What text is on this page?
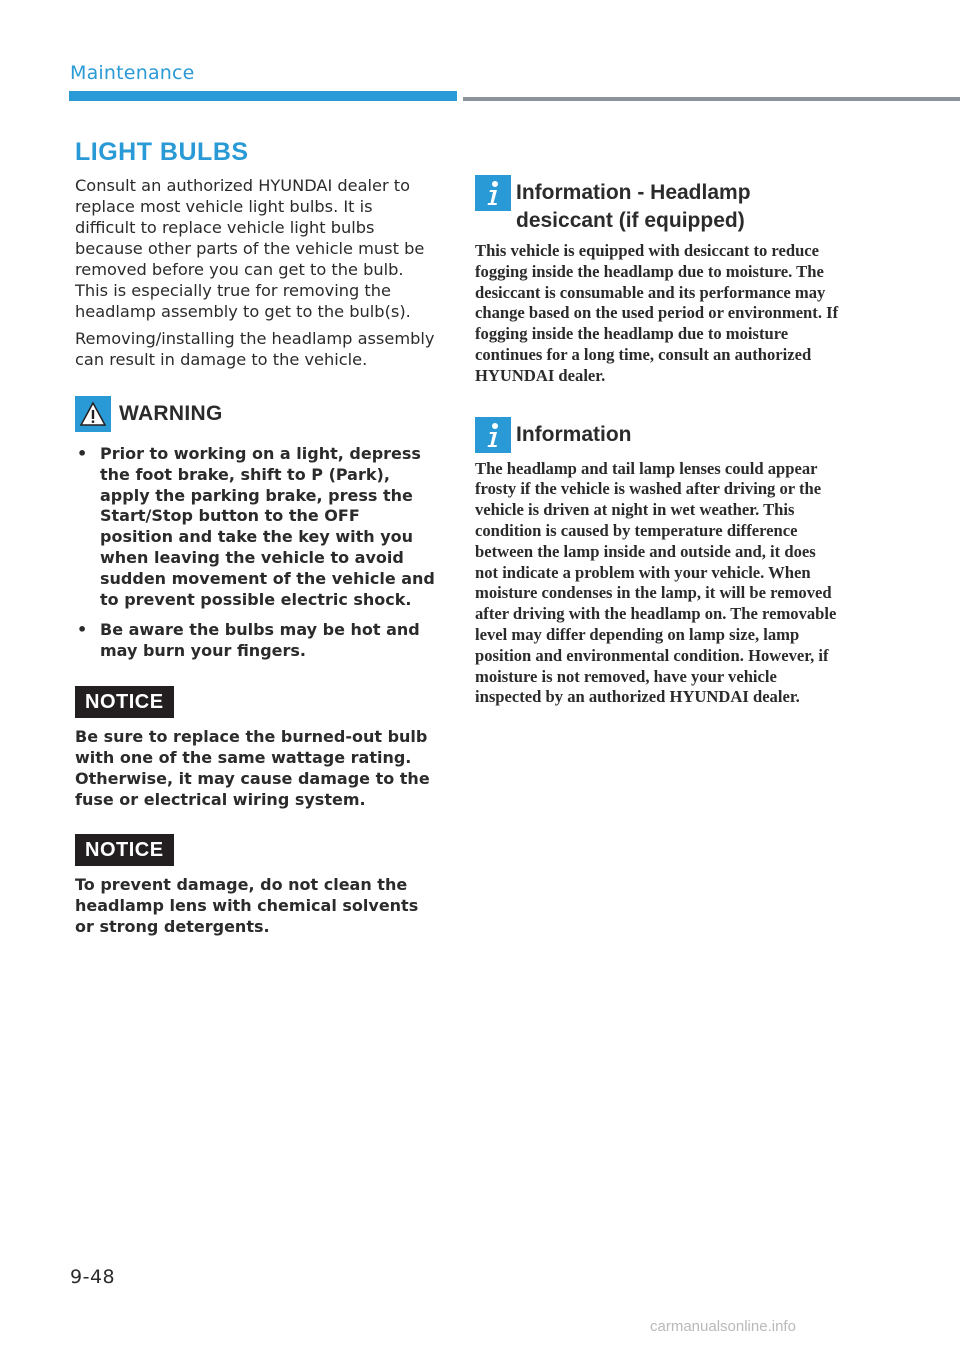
Maintenance
LIGHT BULBS

Consult an authorized HYUNDAI dealer to replace most vehicle light bulbs. It is difficult to replace vehicle light bulbs because other parts of the vehicle must be removed before you can get to the bulb. This is especially true for removing the headlamp assembly to get to the bulb(s).

Removing/installing the headlamp assembly can result in damage to the vehicle.

WARNING
• Prior to working on a light, depress the foot brake, shift to P (Park), apply the parking brake, press the Start/Stop button to the OFF position and take the key with you when leaving the vehicle to avoid sudden movement of the vehicle and to prevent possible electric shock.
• Be aware the bulbs may be hot and may burn your fingers.
NOTICE
Be sure to replace the burned-out bulb with one of the same wattage rating. Otherwise, it may cause damage to the fuse or electrical wiring system.
NOTICE
To prevent damage, do not clean the headlamp lens with chemical solvents or strong detergents.
Information - Headlamp
desiccant (if equipped)
This vehicle is equipped with desiccant to reduce fogging inside the headlamp due to moisture. The desiccant is consumable and its performance may change based on the used period or environment. If fogging inside the headlamp due to moisture continues for a long time, consult an authorized HYUNDAI dealer.
Information
The headlamp and tail lamp lenses could appear frosty if the vehicle is washed after driving or the vehicle is driven at night in wet weather. This condition is caused by temperature difference between the lamp inside and outside and, it does not indicate a problem with your vehicle. When moisture condenses in the lamp, it will be removed after driving with the headlamp on. The removable level may differ depending on lamp size, lamp position and environmental condition. However, if moisture is not removed, have your vehicle inspected by an authorized HYUNDAI dealer.
9-48
carmanualsonline.info
